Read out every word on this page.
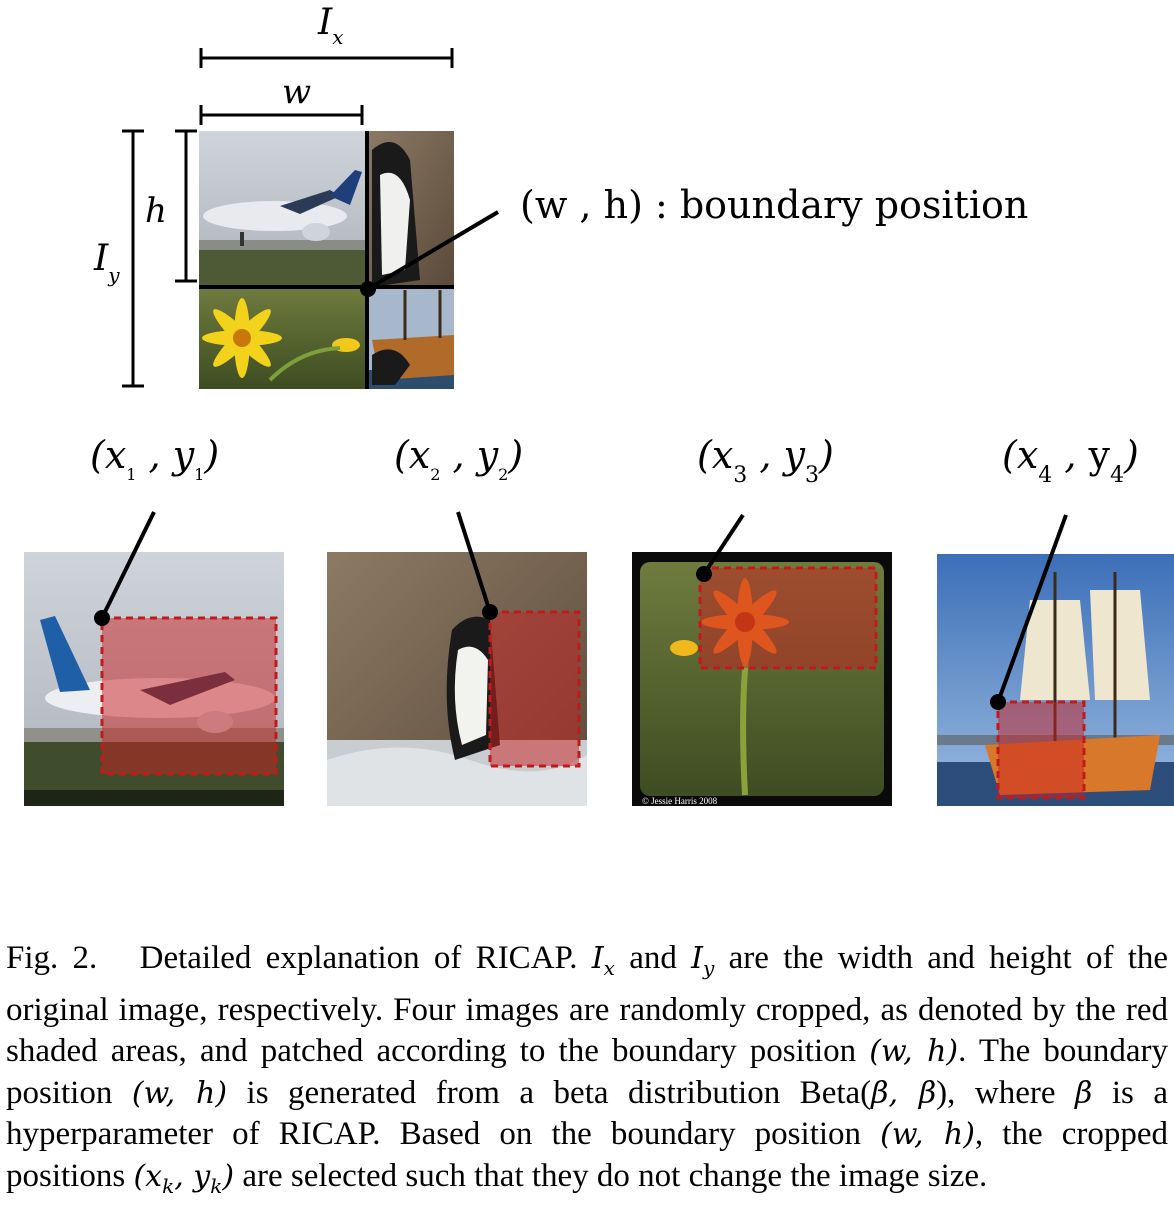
$I_x$
w
$I_y$
h	(w , h) : boundary position
($x_1$ , $y_1$)	($x_2$ , $y_2$)	($x_3$ , $y_3$)	($x_4$ , $y_4$)
© Jessie Harris 2008
Fig. 2. Detailed explanation of RICAP. $I_x$ and $I_y$ are the width and height of the original image, respectively. Four images are randomly cropped, as denoted by the red shaded areas, and patched according to the boundary position (w, h). The boundary position (w, h) is generated from a beta distribution Beta(β, β), where β is a hyperparameter of RICAP. Based on the boundary position (w, h), the cropped positions ($x_k$, $y_k$) are selected such that they do not change the image size.
